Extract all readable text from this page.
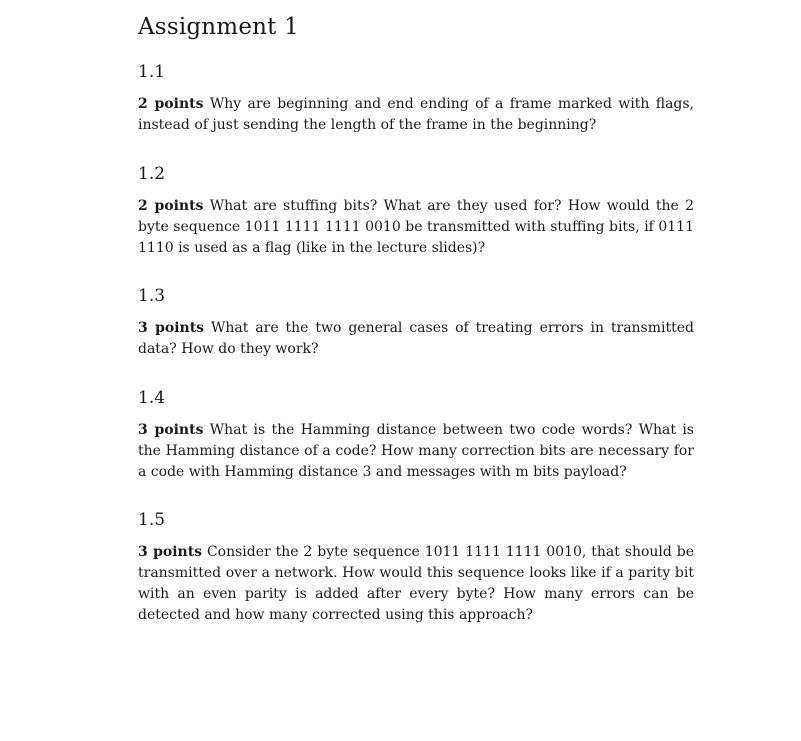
Assignment 1
1.1

2 points Why are beginning and end ending of a frame marked with flags, instead of just sending the length of the frame in the beginning?

1.2

2 points What are stuffing bits? What are they used for? How would the 2 byte sequence 1011 1111 1111 0010 be transmitted with stuffing bits, if 0111 1110 is used as a flag (like in the lecture slides)?

1.3

3 points What are the two general cases of treating errors in transmitted data? How do they work?

1.4

3 points What is the Hamming distance between two code words? What is the Hamming distance of a code? How many correction bits are necessary for a code with Hamming distance 3 and messages with m bits payload?

1.5

3 points Consider the 2 byte sequence 1011 1111 1111 0010, that should be transmitted over a network. How would this sequence looks like if a parity bit with an even parity is added after every byte? How many errors can be detected and how many corrected using this approach?
